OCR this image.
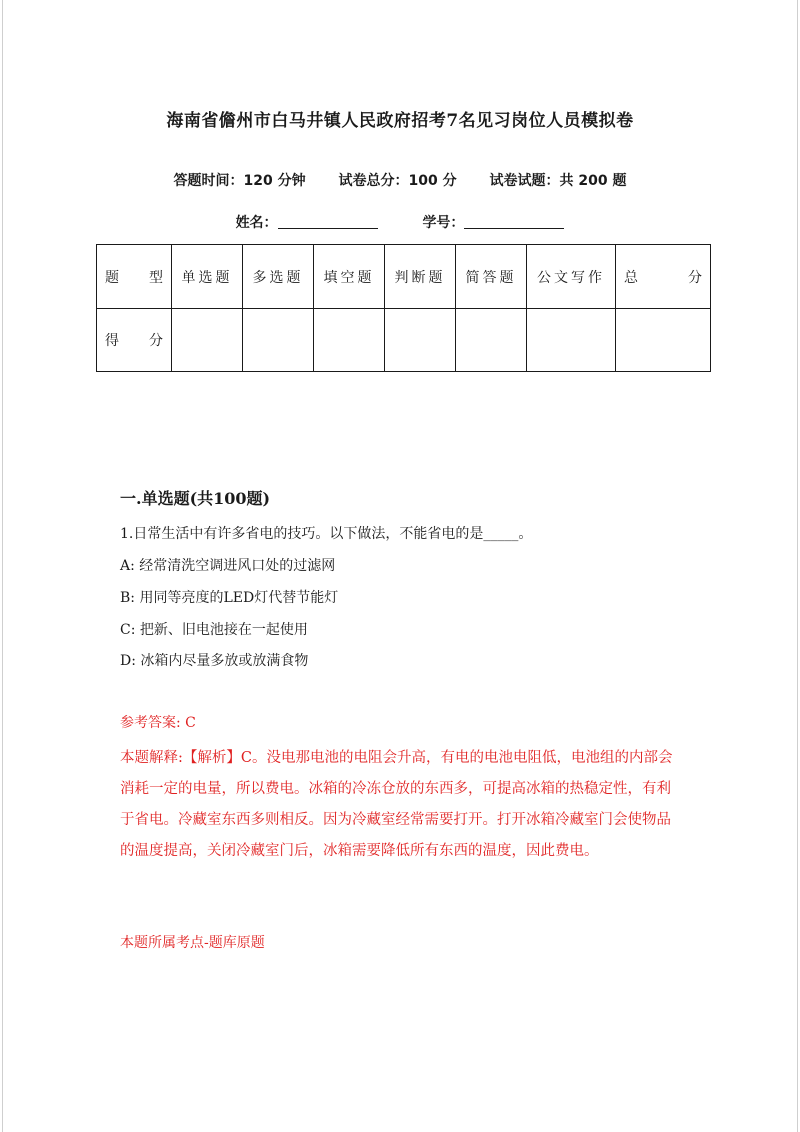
海南省儋州市白马井镇人民政府招考7名见习岗位人员模拟卷
答题时间：120 分钟 试卷总分：100 分 试卷试题：共 200 题
姓名：	学号：
题 型	单选题	多选题	填空题	判断题	简答题	公文写作	总 分

得 分							

一.单选题(共100题)
1.日常生活中有许多省电的技巧。以下做法，不能省电的是_____。
A: 经常清洗空调进风口处的过滤网
B: 用同等亮度的LED灯代替节能灯
C: 把新、旧电池接在一起使用
D: 冰箱内尽量多放或放满食物
参考答案: C
本题解释:【解析】C。没电那电池的电阻会升高，有电的电池电阻低，电池组的内部会消耗一定的电量，所以费电。冰箱的冷冻仓放的东西多，可提高冰箱的热稳定性，有利于省电。冷藏室东西多则相反。因为冷藏室经常需要打开。打开冰箱冷藏室门会使物品的温度提高，关闭冷藏室门后，冰箱需要降低所有东西的温度，因此费电。
本题所属考点-题库原题
